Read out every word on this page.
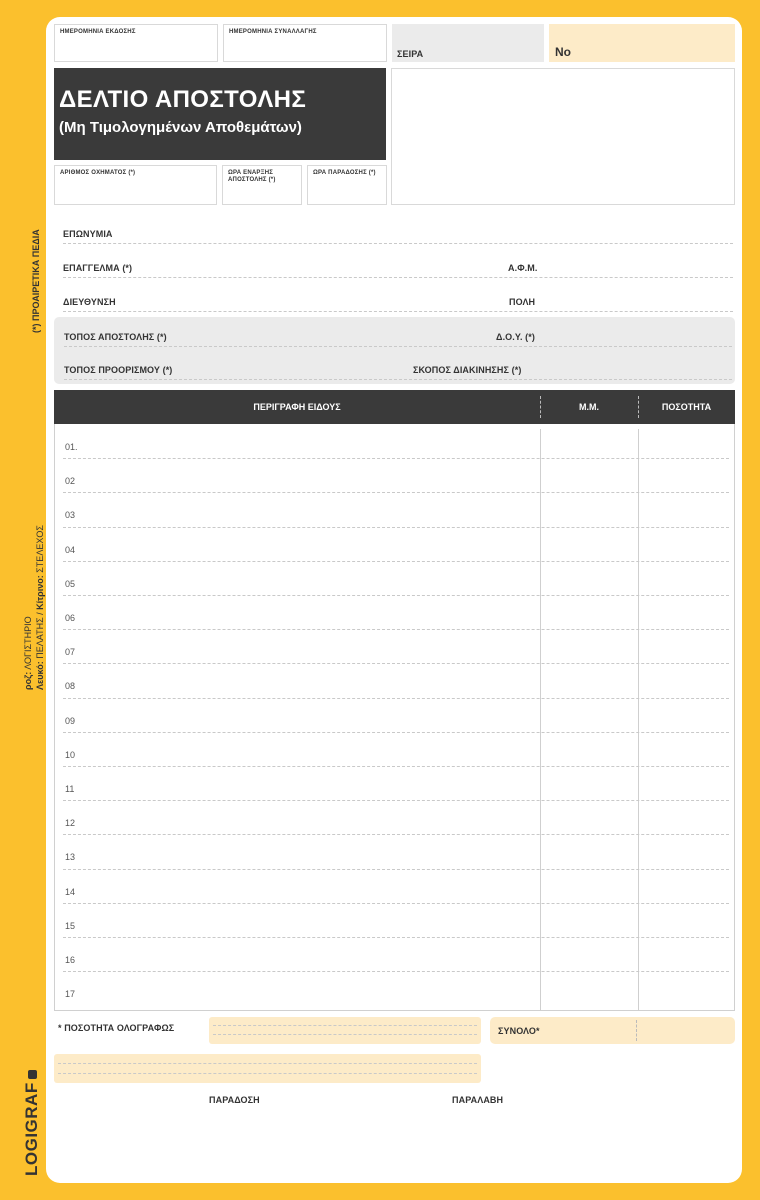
(*) ΠΡΟΑΙΡΕΤΙΚΑ ΠΕΔΙΑ
ροζ: ΛΟΓΙΣΤΗΡΙΟ
Λευκό: ΠΕΛΑΤΗΣ / Κίτρινο: ΣΤΕΛΕΧΟΣ
LOGIGRAF
ΗΜΕΡΟΜΗΝΙΑ ΕΚΔΟΣΗΣ	ΗΜΕΡΟΜΗΝΙΑ ΣΥΝΑΛΛΑΓΗΣ
ΣΕΙΡΑ	No
ΔΕΛΤΙΟ ΑΠΟΣΤΟΛΗΣ
(Μη Τιμολογημένων Αποθεμάτων)
ΑΡΙΘΜΟΣ ΟΧΗΜΑΤΟΣ (*)	ΩΡΑ ΕΝΑΡΞΗΣ
ΑΠΟΣΤΟΛΗΣ (*)
ΩΡΑ ΠΑΡΑΔΟΣΗΣ (*)
ΕΠΩΝΥΜΙΑ
ΕΠΑΓΓΕΛΜΑ (*)	Α.Φ.Μ.
ΔΙΕΥΘΥΝΣΗ	ΠΟΛΗ
ΤΟΠΟΣ ΑΠΟΣΤΟΛΗΣ (*)	Δ.Ο.Υ. (*)
ΤΟΠΟΣ ΠΡΟΟΡΙΣΜΟΥ (*)	ΣΚΟΠΟΣ ΔΙΑΚΙΝΗΣΗΣ (*)
ΠΕΡΙΓΡΑΦΗ ΕΙΔΟΥΣ	Μ.Μ.	ΠΟΣΟΤΗΤΑ
01.
02
03
04
05
06
07
08
09
10
11
12
13
14
15
16
17
* ΠΟΣΟΤΗΤΑ ΟΛΟΓΡΑΦΩΣ	ΣΥΝΟΛΟ*
ΠΑΡΑΔΟΣΗ	ΠΑΡΑΛΑΒΗ
